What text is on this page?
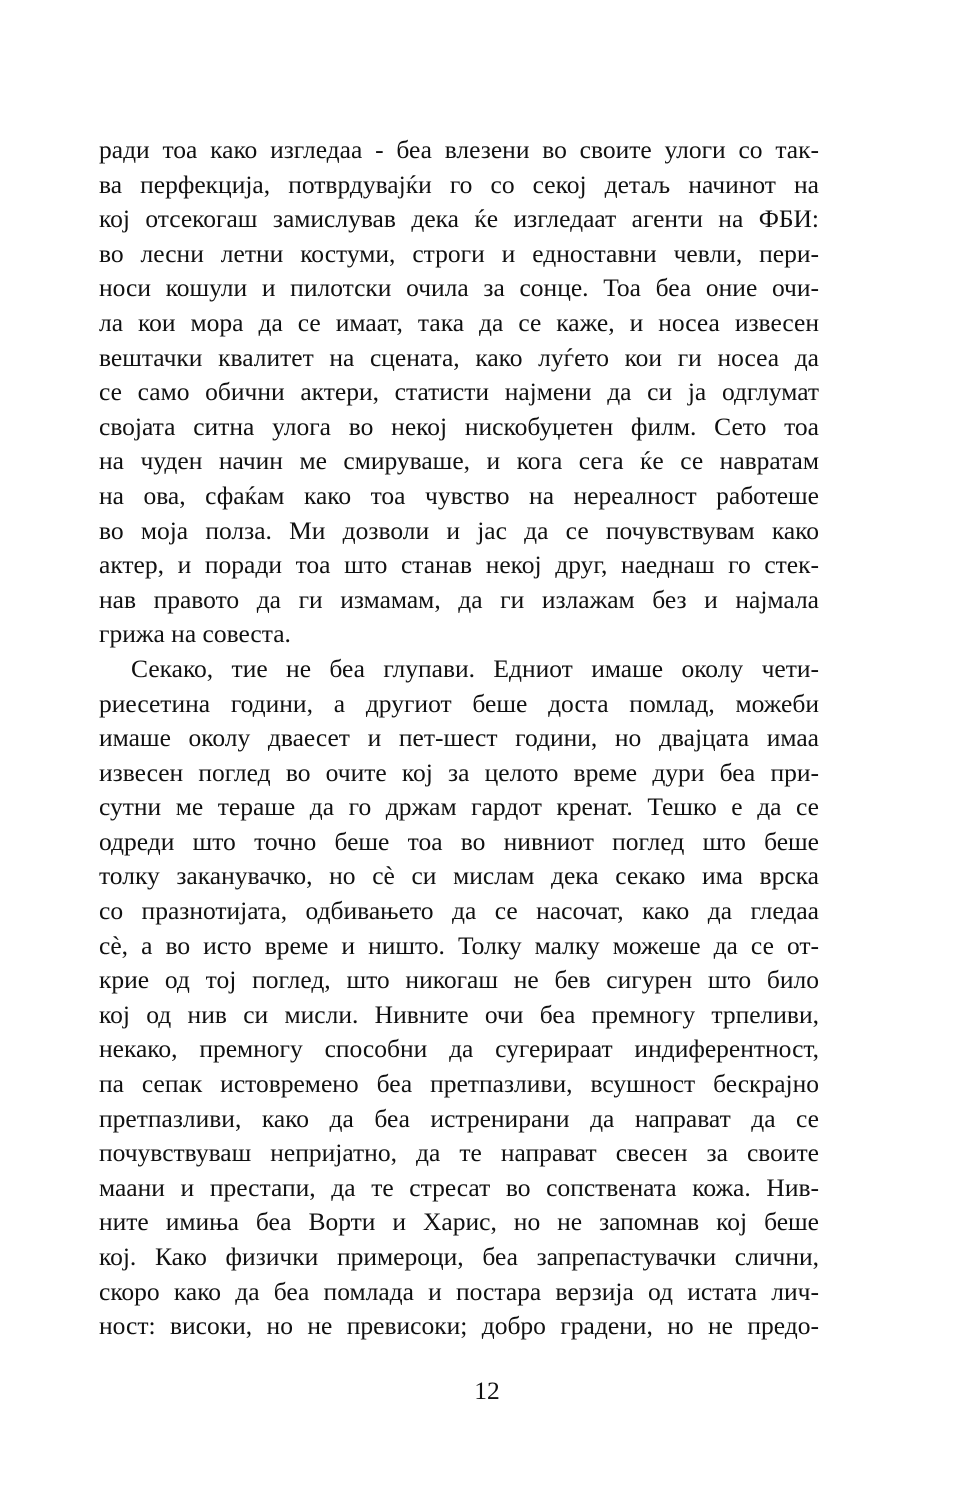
ради тоа како изгледаа - беа влезени во своите улоги со так-
ва перфекција, потврдувајќи го со секој детаљ начинот на
кој отсекогаш замислував дека ќе изгледаат агенти на ФБИ:
во лесни летни костуми, строги и едноставни чевли, пери-
носи кошули и пилотски очила за сонце. Тоа беа оние очи-
ла кои мора да се имаат, така да се каже, и носеа извесен
вештачки квалитет на сцената, како луѓето кои ги носеа да
се само обични актери, статисти најмени да си ја одглумат
својата ситна улога во некој нискобуџетен филм. Сето тоа
на чуден начин ме смируваше, и кога сега ќе се навратам
на ова, сфаќам како тоа чувство на нереалност работеше
во моја полза. Ми дозволи и јас да се почувствувам како
актер, и поради тоа што станав некој друг, наеднаш го стек-
нав правото да ги измамам, да ги излажам без и најмала
грижа на совеста.
Секако, тие не беа глупави. Едниот имаше околу чети-
риесетина години, а другиот беше доста помлад, можеби
имаше околу дваесет и пет-шест години, но двајцата имаа
извесен поглед во очите кој за целото време дури беа при-
сутни ме тераше да го држам гардот кренат. Тешко е да се
одреди што точно беше тоа во нивниот поглед што беше
толку заканувачко, но сѐ си мислам дека секако има врска
со празнотијата, одбивањето да се насочат, како да гледаа
сѐ, а во исто време и ништо. Толку малку можеше да се от-
крие од тој поглед, што никогаш не бев сигурен што било
кој од нив си мисли. Нивните очи беа премногу трпеливи,
некако, премногу способни да сугерираат индиферентност,
па сепак истовремено беа претпазливи, всушност бескрајно
претпазливи, како да беа истренирани да направат да се
почувствуваш непријатно, да те направат свесен за своите
маани и престапи, да те стресат во сопствената кожа. Нив-
ните имиња беа Ворти и Харис, но не запомнав кој беше
кој. Како физички примероци, беа запрепастувачки слични,
скоро како да беа помлада и постара верзија од истата лич-
ност: високи, но не превисоки; добро градени, но не предо-
12
